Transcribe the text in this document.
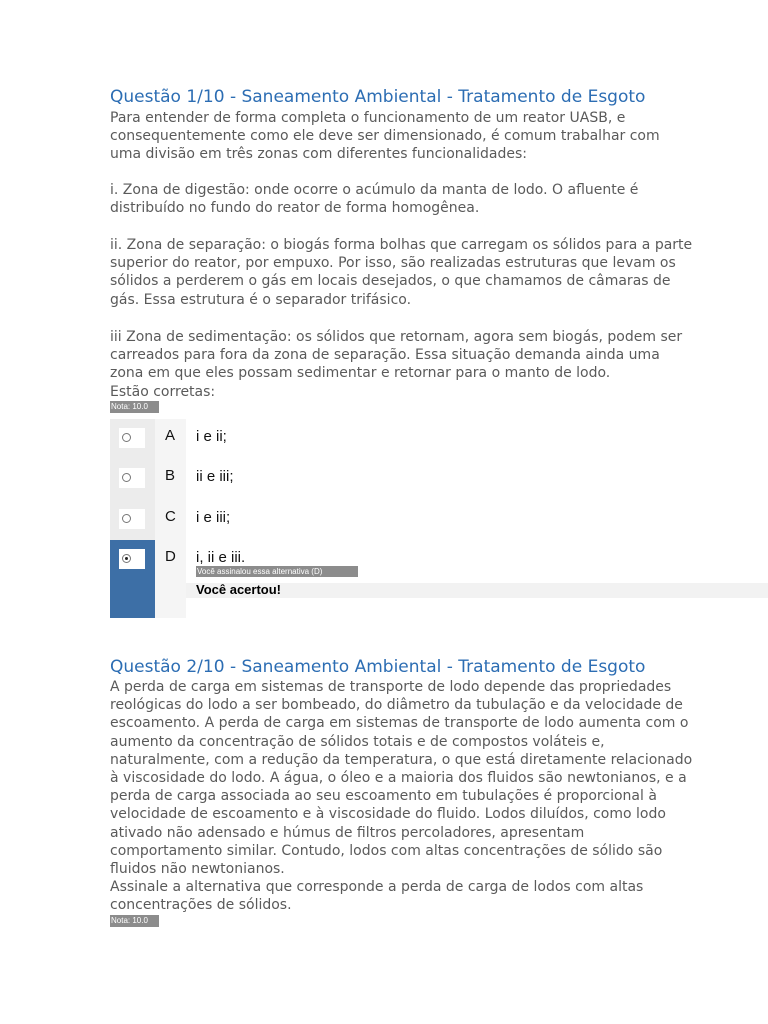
Questão 1/10 - Saneamento Ambiental - Tratamento de Esgoto
Para entender de forma completa o funcionamento de um reator UASB, e
consequentemente como ele deve ser dimensionado, é comum trabalhar com
uma divisão em três zonas com diferentes funcionalidades:
i. Zona de digestão: onde ocorre o acúmulo da manta de lodo. O afluente é
distribuído no fundo do reator de forma homogênea.
ii. Zona de separação: o biogás forma bolhas que carregam os sólidos para a parte
superior do reator, por empuxo. Por isso, são realizadas estruturas que levam os
sólidos a perderem o gás em locais desejados, o que chamamos de câmaras de
gás. Essa estrutura é o separador trifásico.
iii Zona de sedimentação: os sólidos que retornam, agora sem biogás, podem ser
carreados para fora da zona de separação. Essa situação demanda ainda uma
zona em que eles possam sedimentar e retornar para o manto de lodo.
Estão corretas:
Nota: 10.0
A
B
C
D
i e ii;
ii e iii;
i e iii;
i, ii e iii.
Você assinalou essa alternativa (D)
Você acertou!
Questão 2/10 - Saneamento Ambiental - Tratamento de Esgoto
A perda de carga em sistemas de transporte de lodo depende das propriedades
reológicas do lodo a ser bombeado, do diâmetro da tubulação e da velocidade de
escoamento. A perda de carga em sistemas de transporte de lodo aumenta com o
aumento da concentração de sólidos totais e de compostos voláteis e,
naturalmente, com a redução da temperatura, o que está diretamente relacionado
à viscosidade do lodo. A água, o óleo e a maioria dos fluidos são newtonianos, e a
perda de carga associada ao seu escoamento em tubulações é proporcional à
velocidade de escoamento e à viscosidade do fluido. Lodos diluídos, como lodo
ativado não adensado e húmus de filtros percoladores, apresentam
comportamento similar. Contudo, lodos com altas concentrações de sólido são
fluidos não newtonianos.
Assinale a alternativa que corresponde a perda de carga de lodos com altas
concentrações de sólidos.
Nota: 10.0
